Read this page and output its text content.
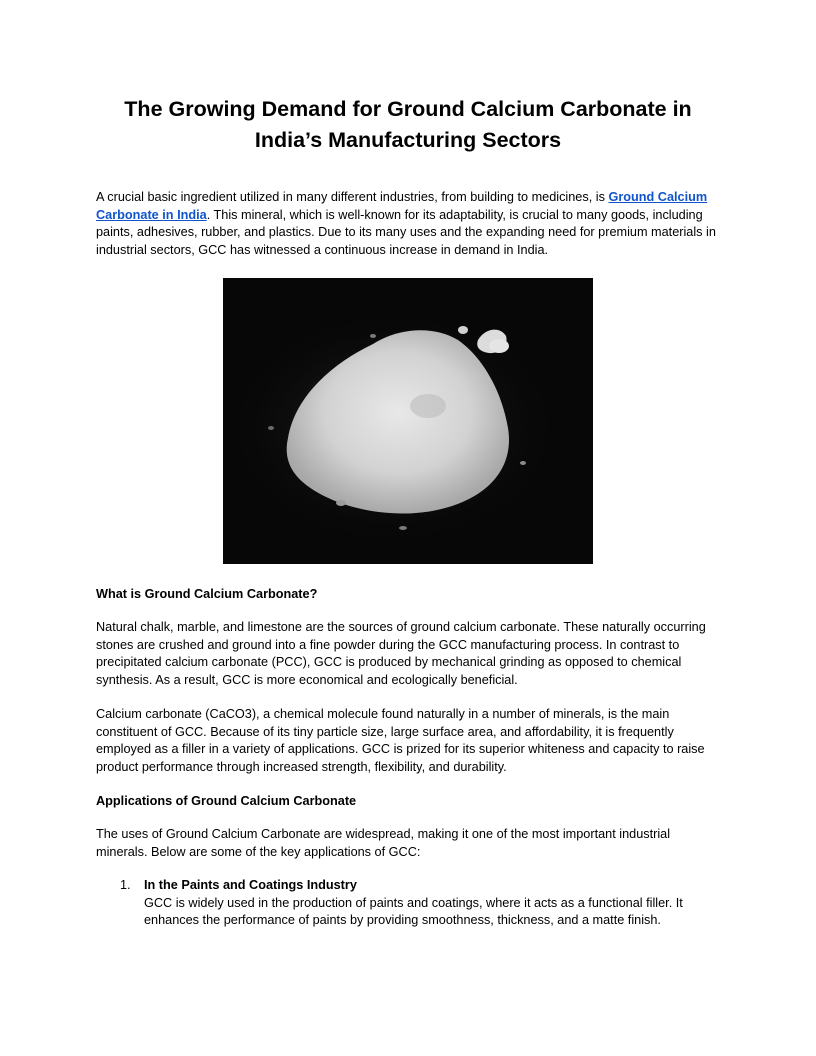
The Growing Demand for Ground Calcium Carbonate in
India’s Manufacturing Sectors

A crucial basic ingredient utilized in many different industries, from building to medicines, is Ground Calcium Carbonate in India. This mineral, which is well-known for its adaptability, is crucial to many goods, including paints, adhesives, rubber, and plastics. Due to its many uses and the expanding need for premium materials in industrial sectors, GCC has witnessed a continuous increase in demand in India.

What is Ground Calcium Carbonate?

Natural chalk, marble, and limestone are the sources of ground calcium carbonate. These naturally occurring stones are crushed and ground into a fine powder during the GCC manufacturing process. In contrast to precipitated calcium carbonate (PCC), GCC is produced by mechanical grinding as opposed to chemical synthesis. As a result, GCC is more economical and ecologically beneficial.

Calcium carbonate (CaCO3), a chemical molecule found naturally in a number of minerals, is the main constituent of GCC. Because of its tiny particle size, large surface area, and affordability, it is frequently employed as a filler in a variety of applications. GCC is prized for its superior whiteness and capacity to raise product performance through increased strength, flexibility, and durability.

Applications of Ground Calcium Carbonate

The uses of Ground Calcium Carbonate are widespread, making it one of the most important industrial minerals. Below are some of the key applications of GCC:

1. In the Paints and Coatings Industry
GCC is widely used in the production of paints and coatings, where it acts as a functional filler. It enhances the performance of paints by providing smoothness, thickness, and a matte finish.
